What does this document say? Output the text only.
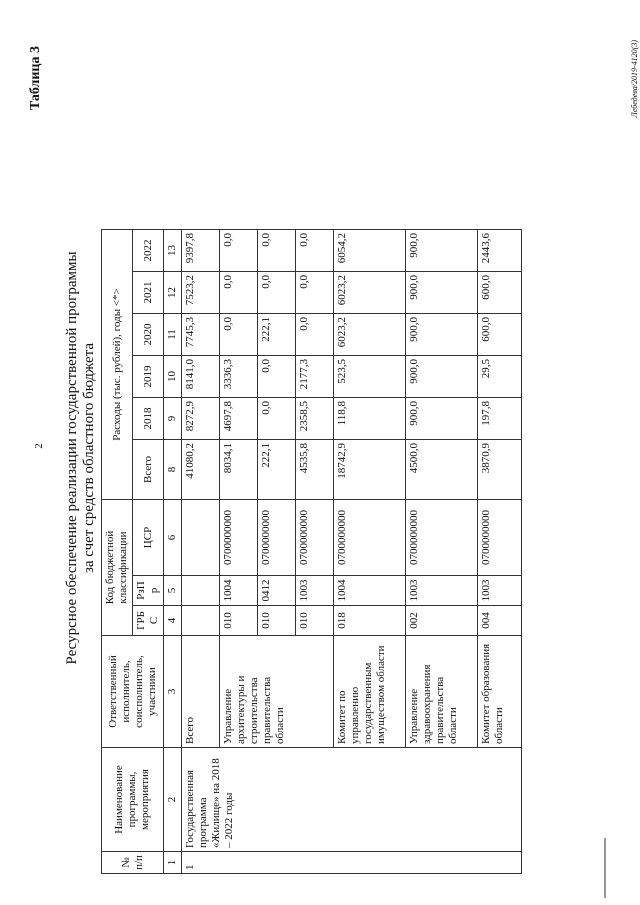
2
Таблица 3
Ресурсное обеспечение реализации государственной программы за счет средств областного бюджета
№ п/п	Наименование программы, мероприятия	Ответственный исполнитель, соисполнитель, участники	Код бюджетной классификации			Расходы (тыс. рублей), годы <*>					
			ГРБ С	РзП р	ЦСР	Всего	2018	2019	2020	2021	2022
1	2	3	4	5	6	8	9	10	11	12	13
1	Государственная программа «Жилище» на 2018 – 2022 годы	Всего				41080,2	8272,9	8141,0	7745,3	7523,2	9397,8
		Управление архитектуры и строительства правительства области	010	1004	0700000000	8034,1	4697,8	3336,3	0,0	0,0	0,0
			010	0412	0700000000	222,1	0,0	0,0	222,1	0,0	0,0
			010	1003	0700000000	4535,8	2358,5	2177,3	0,0	0,0	0,0
		Комитет по управлению государственным имуществом области	018	1004	0700000000	18742,9	118,8	523,5	6023,2	6023,2	6054,2
		Управление здравоохранения правительства области	002	1003	0700000000	4500,0	900,0	900,0	900,0	900,0	900,0
		Комитет образования области	004	1003	0700000000	3870,9	197,8	29,5	600,0	600,0	2443,6
Лебедева/2019-4120(3)
